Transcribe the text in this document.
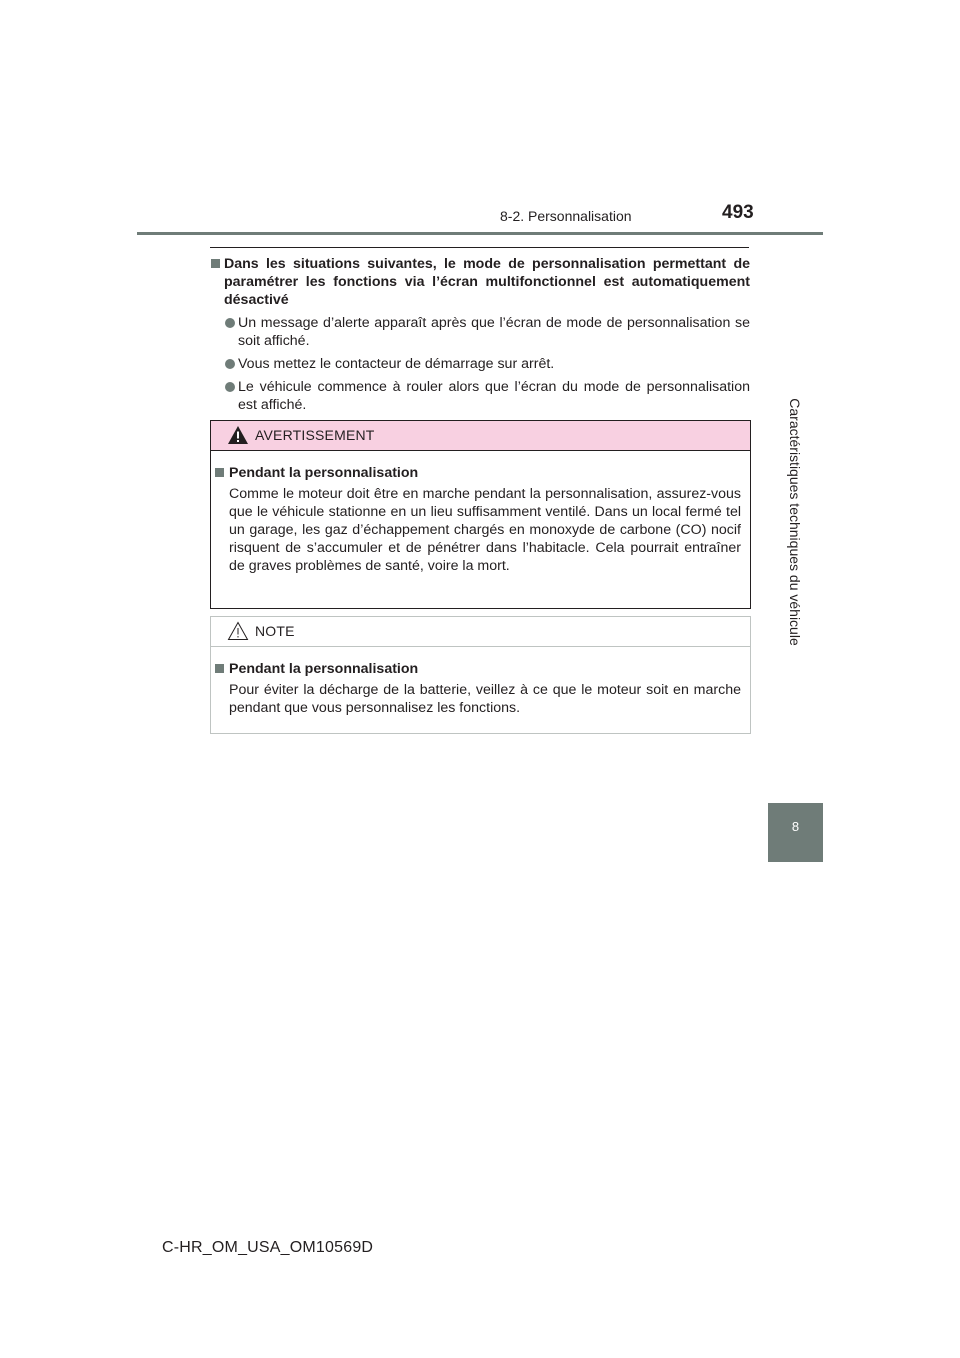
8-2. Personnalisation	493
Caractéristiques techniques du véhicule
8
Dans les situations suivantes, le mode de personnalisation permettant de paramétrer les fonctions via l’écran multifonctionnel est automatiquement désactivé
Un message d’alerte apparaît après que l’écran de mode de personnalisation se soit affiché.
Vous mettez le contacteur de démarrage sur arrêt.
Le véhicule commence à rouler alors que l’écran du mode de personnalisation est affiché.
AVERTISSEMENT
Pendant la personnalisation
Comme le moteur doit être en marche pendant la personnalisation, assurez-vous que le véhicule stationne en un lieu suffisamment ventilé. Dans un local fermé tel un garage, les gaz d’échappement chargés en monoxyde de carbone (CO) nocif risquent de s’accumuler et de pénétrer dans l’habitacle. Cela pourrait entraîner de graves problèmes de santé, voire la mort.
NOTE
Pendant la personnalisation
Pour éviter la décharge de la batterie, veillez à ce que le moteur soit en marche pendant que vous personnalisez les fonctions.
C-HR_OM_USA_OM10569D
